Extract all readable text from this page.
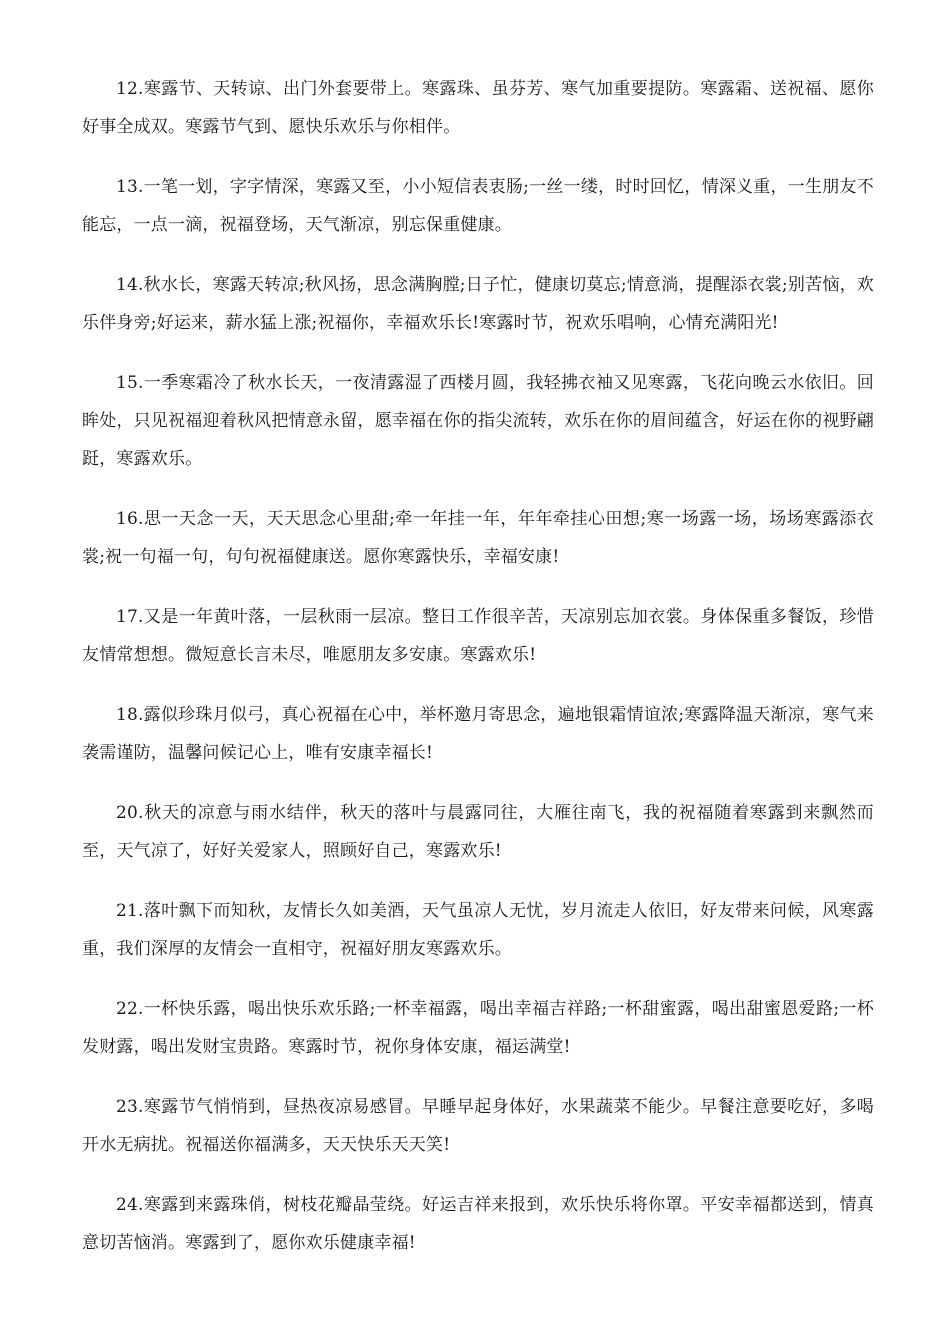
12.寒露节、天转谅、出门外套要带上。寒露珠、虽芬芳、寒气加重要提防。寒露霜、送祝福、愿你好事全成双。寒露节气到、愿快乐欢乐与你相伴。

13.一笔一划，字字情深，寒露又至，小小短信表衷肠;一丝一缕，时时回忆，情深义重，一生朋友不能忘，一点一滴，祝福登场，天气渐凉，别忘保重健康。

14.秋水长，寒露天转凉;秋风扬，思念满胸膛;日子忙，健康切莫忘;情意淌，提醒添衣裳;别苦恼，欢乐伴身旁;好运来，薪水猛上涨;祝福你，幸福欢乐长!寒露时节，祝欢乐唱响，心情充满阳光!

15.一季寒霜冷了秋水长天，一夜清露湿了西楼月圆，我轻拂衣袖又见寒露，飞花向晚云水依旧。回眸处，只见祝福迎着秋风把情意永留，愿幸福在你的指尖流转，欢乐在你的眉间蕴含，好运在你的视野翩跹，寒露欢乐。

16.思一天念一天，天天思念心里甜;牵一年挂一年，年年牵挂心田想;寒一场露一场，场场寒露添衣裳;祝一句福一句，句句祝福健康送。愿你寒露快乐，幸福安康!

17.又是一年黄叶落，一层秋雨一层凉。整日工作很辛苦，天凉别忘加衣裳。身体保重多餐饭，珍惜友情常想想。微短意长言未尽，唯愿朋友多安康。寒露欢乐!

18.露似珍珠月似弓，真心祝福在心中，举杯邀月寄思念，遍地银霜情谊浓;寒露降温天渐凉，寒气来袭需谨防，温馨问候记心上，唯有安康幸福长!

20.秋天的凉意与雨水结伴，秋天的落叶与晨露同往，大雁往南飞，我的祝福随着寒露到来飘然而至，天气凉了，好好关爱家人，照顾好自己，寒露欢乐!

21.落叶飘下而知秋，友情长久如美酒，天气虽凉人无忧，岁月流走人依旧，好友带来问候，风寒露重，我们深厚的友情会一直相守，祝福好朋友寒露欢乐。

22.一杯快乐露，喝出快乐欢乐路;一杯幸福露，喝出幸福吉祥路;一杯甜蜜露，喝出甜蜜恩爱路;一杯发财露，喝出发财宝贵路。寒露时节，祝你身体安康，福运满堂!

23.寒露节气悄悄到，昼热夜凉易感冒。早睡早起身体好，水果蔬菜不能少。早餐注意要吃好，多喝开水无病扰。祝福送你福满多，天天快乐天天笑!

24.寒露到来露珠俏，树枝花瓣晶莹绕。好运吉祥来报到，欢乐快乐将你罩。平安幸福都送到，情真意切苦恼消。寒露到了，愿你欢乐健康幸福!
